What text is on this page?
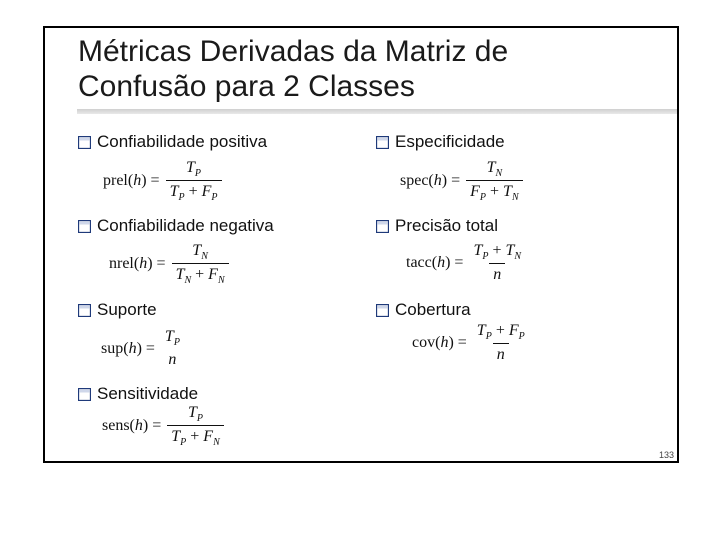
Métricas Derivadas da Matriz de
Confusão para 2 Classes
Confiabilidade positiva
prel(h) = $\frac{T_P}{T_P + F_P}$
Confiabilidade negativa
nrel(h) = $\frac{T_N}{T_N + F_N}$
Suporte
sup(h) =
$T_P$
n
Sensitividade
sens(h) = $\frac{T_P}{T_P + F_N}$
Especificidade
spec(h) = $\frac{T_N}{F_P + T_N}$
Precisão total
tacc(h) = $\frac{T_P + T_N}{n}$
Cobertura
$cov(h) = \frac{T_P + F_P}{n}$
133
